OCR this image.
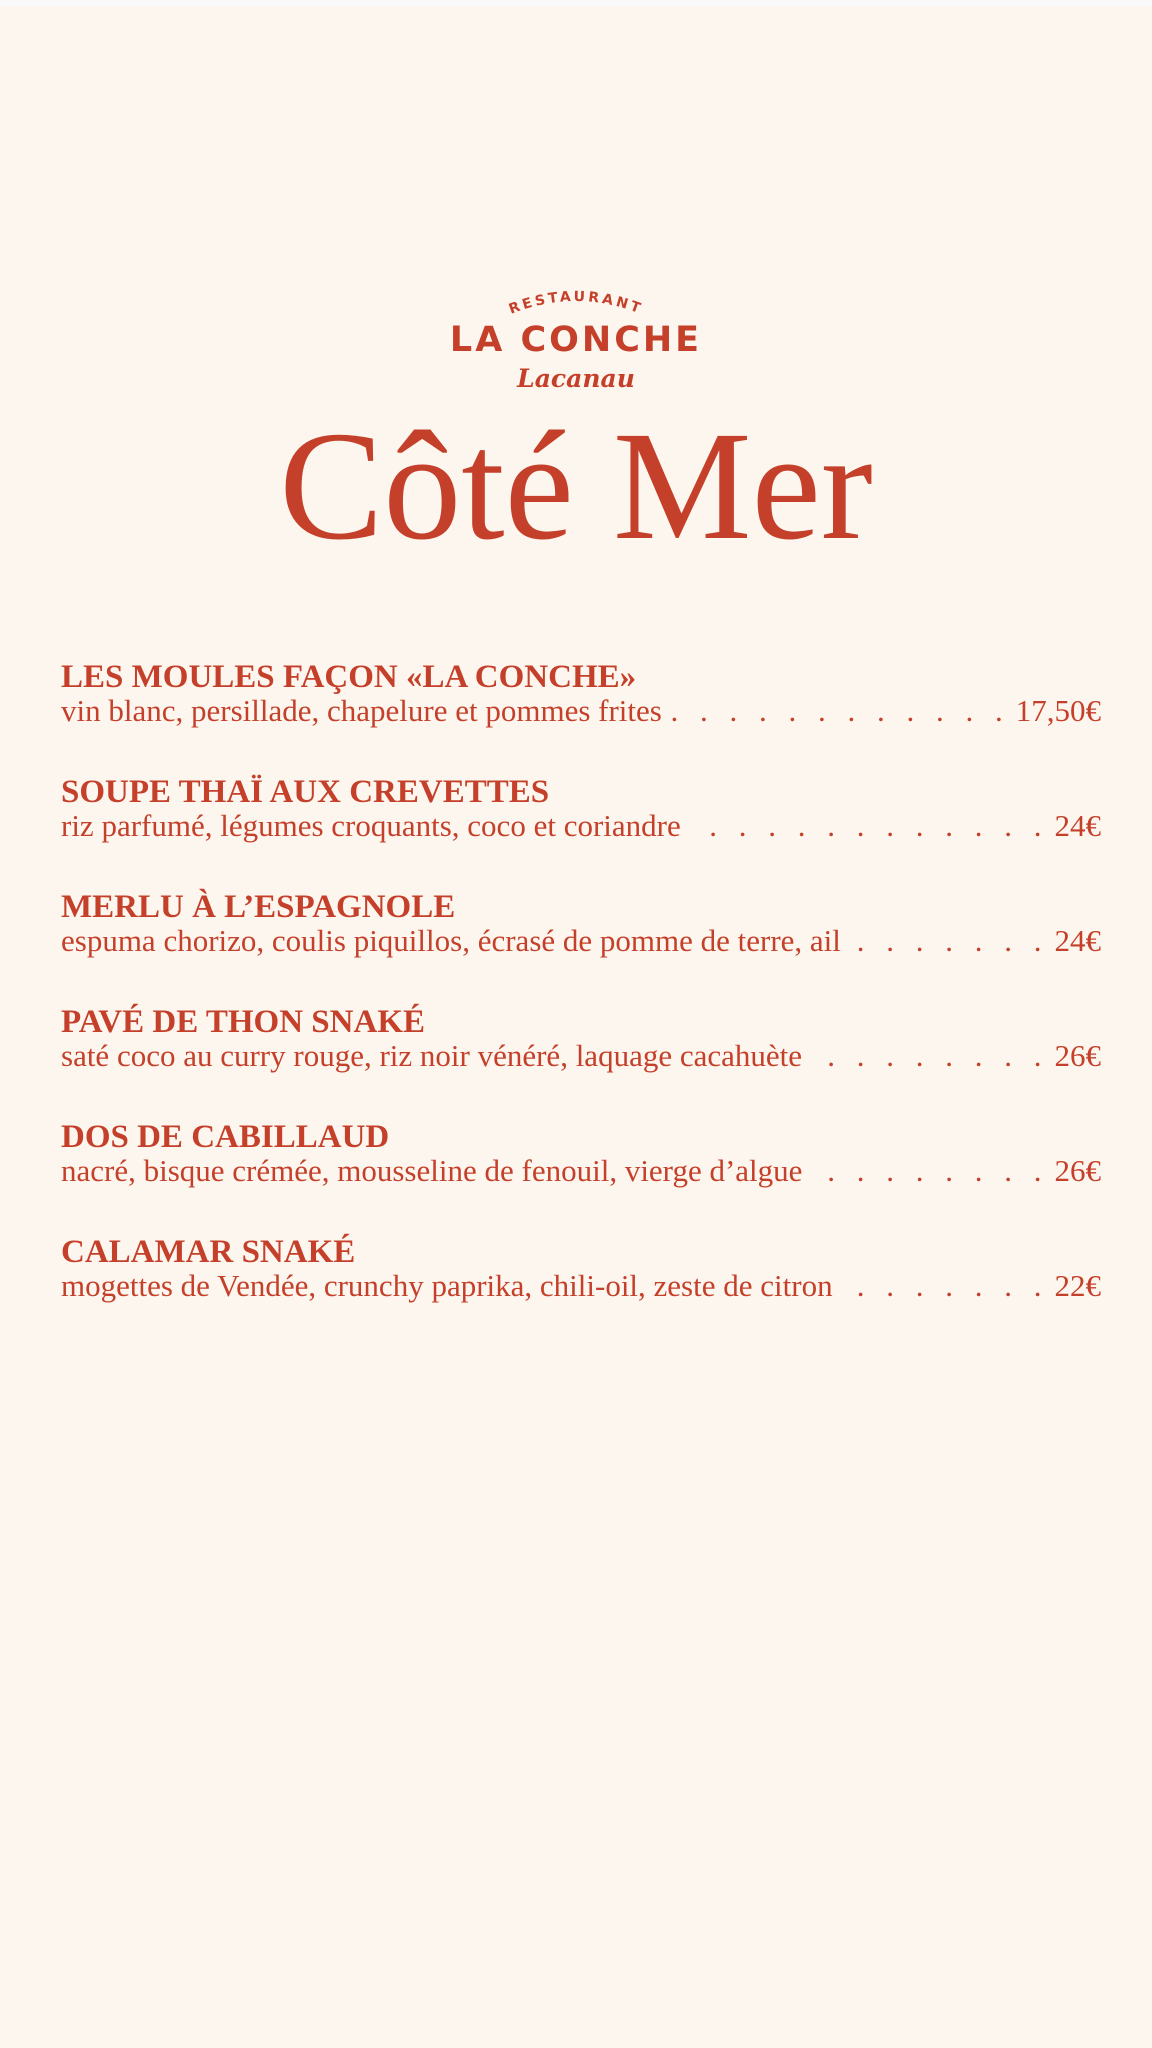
RESTAURANT
LA CONCHE
Lacanau
Côté Mer
LES MOULES FAÇON «LA CONCHE»
vin blanc, persillade, chapelure et pommes frites . . .	17,50€
SOUPE THAÏ AUX CREVETTES
riz parfumé, légumes croquants, coco et coriandre . . .	24€
MERLU À L’ESPAGNOLE
espuma chorizo, coulis piquillos, écrasé de pomme de terre, ail . . .	24€
PAVÉ DE THON SNAKÉ
saté coco au curry rouge, riz noir vénéré, laquage cacahuète . . .	26€
DOS DE CABILLAUD
nacré, bisque crémée, mousseline de fenouil, vierge d’algue . . .	26€
CALAMAR SNAKÉ
mogettes de Vendée, crunchy paprika, chili-oil, zeste de citron . . .	22€
